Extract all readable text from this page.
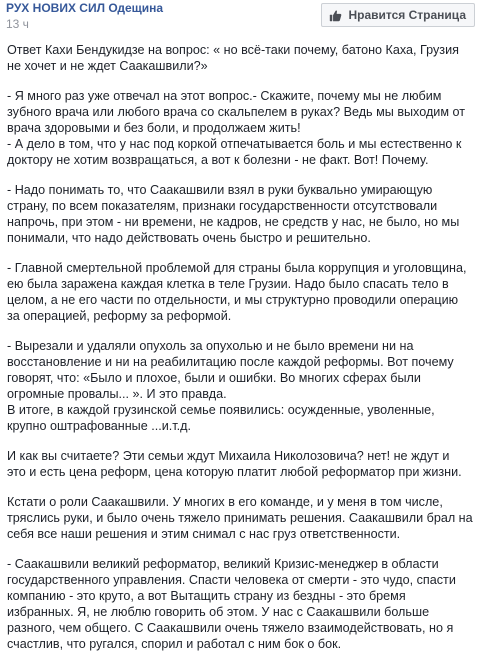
РУХ НОВИХ СИЛ Одещина
13 ч
Нравится Страница

Ответ Кахи Бендукидзе на вопрос: « но всё-таки почему, батоно Каха, Грузия
не хочет и не ждет Саакашвили?»

- Я много раз уже отвечал на этот вопрос.- Скажите, почему мы не любим
зубного врача или любого врача со скальпелем в руках? Ведь мы выходим от
врача здоровыми и без боли, и продолжаем жить!
- А дело в том, что у нас под коркой отпечатывается боль и мы естественно к
доктору не хотим возвращаться, а вот к болезни - не факт. Вот! Почему.

- Надо понимать то, что Саакашвили взял в руки буквально умирающую
страну, по всем показателям, признаки государственности отсутствовали
напрочь, при этом - ни времени, не кадров, не средств у нас, не было, но мы
понимали, что надо действовать очень быстро и решительно.

- Главной смертельной проблемой для страны была коррупция и уголовщина,
ею была заражена каждая клетка в теле Грузии. Надо было спасать тело в
целом, а не его части по отдельности, и мы структурно проводили операцию
за операцией, реформу за реформой.

- Вырезали и удаляли опухоль за опухолью и не было времени ни на
восстановление и ни на реабилитацию после каждой реформы. Вот почему
говорят, что: «Было и плохое, были и ошибки. Во многих сферах были
огромные провалы... ». И это правда.
В итоге, в каждой грузинской семье появились: осужденные, уволенные,
крупно оштрафованные ...и.т.д.

И как вы считаете? Эти семьи ждут Михаила Николозовича? нет! не ждут и
это и есть цена реформ, цена которую платит любой реформатор при жизни.

Кстати о роли Саакашвили. У многих в его команде, и у меня в том числе,
тряслись руки, и было очень тяжело принимать решения. Саакашвили брал на
себя все наши решения и этим снимал с нас груз ответственности.

- Саакашвили великий реформатор, великий Кризис-менеджер в области
государственного управления. Спасти человека от смерти - это чудо, спасти
компанию - это круто, а вот Вытащить страну из бездны - это бремя
избранных. Я, не люблю говорить об этом. У нас с Саакашвили больше
разного, чем общего. С Саакашвили очень тяжело взаимодействовать, но я
счастлив, что ругался, спорил и работал с ним бок о бок.
